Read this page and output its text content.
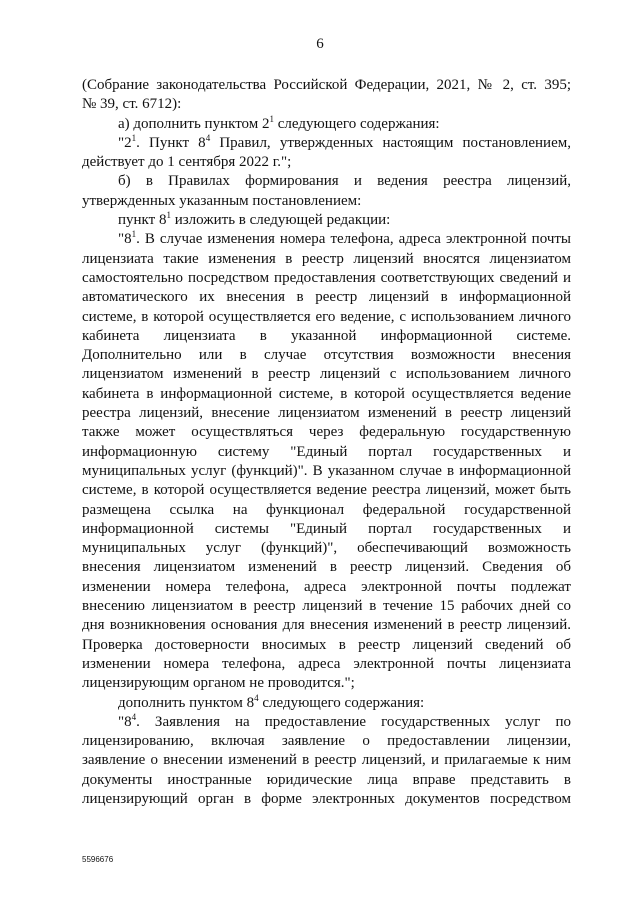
6

(Собрание законодательства Российской Федерации, 2021, № 2, ст. 395;

№ 39, ст. 6712):

а) дополнить пунктом $2^1$ следующего содержания:

"$2^1$. Пункт $8^4$ Правил, утвержденных настоящим постановлением,

действует до 1 сентября 2022 г.";

б) в Правилах формирования и ведения реестра лицензий,

утвержденных указанным постановлением:

пункт $8^1$ изложить в следующей редакции:

"$8^1$. В случае изменения номера телефона, адреса электронной почты

лицензиата такие изменения в реестр лицензий вносятся лицензиатом

самостоятельно посредством предоставления соответствующих сведений и

автоматического их внесения в реестр лицензий в информационной

системе, в которой осуществляется его ведение, с использованием личного

кабинета лицензиата в указанной информационной системе.

Дополнительно или в случае отсутствия возможности внесения

лицензиатом изменений в реестр лицензий с использованием личного

кабинета в информационной системе, в которой осуществляется ведение

реестра лицензий, внесение лицензиатом изменений в реестр лицензий

также может осуществляться через федеральную государственную

информационную систему "Единый портал государственных и

муниципальных услуг (функций)". В указанном случае в информационной

системе, в которой осуществляется ведение реестра лицензий, может быть

размещена ссылка на функционал федеральной государственной

информационной системы "Единый портал государственных и

муниципальных услуг (функций)", обеспечивающий возможность

внесения лицензиатом изменений в реестр лицензий. Сведения об

изменении номера телефона, адреса электронной почты подлежат

внесению лицензиатом в реестр лицензий в течение 15 рабочих дней со

дня возникновения основания для внесения изменений в реестр лицензий.

Проверка достоверности вносимых в реестр лицензий сведений об

изменении номера телефона, адреса электронной почты лицензиата

лицензирующим органом не проводится.";

дополнить пунктом $8^4$ следующего содержания:

"$8^4$. Заявления на предоставление государственных услуг по

лицензированию, включая заявление о предоставлении лицензии,

заявление о внесении изменений в реестр лицензий, и прилагаемые к ним

документы иностранные юридические лица вправе представить в

лицензирующий орган в форме электронных документов посредством

5596676
